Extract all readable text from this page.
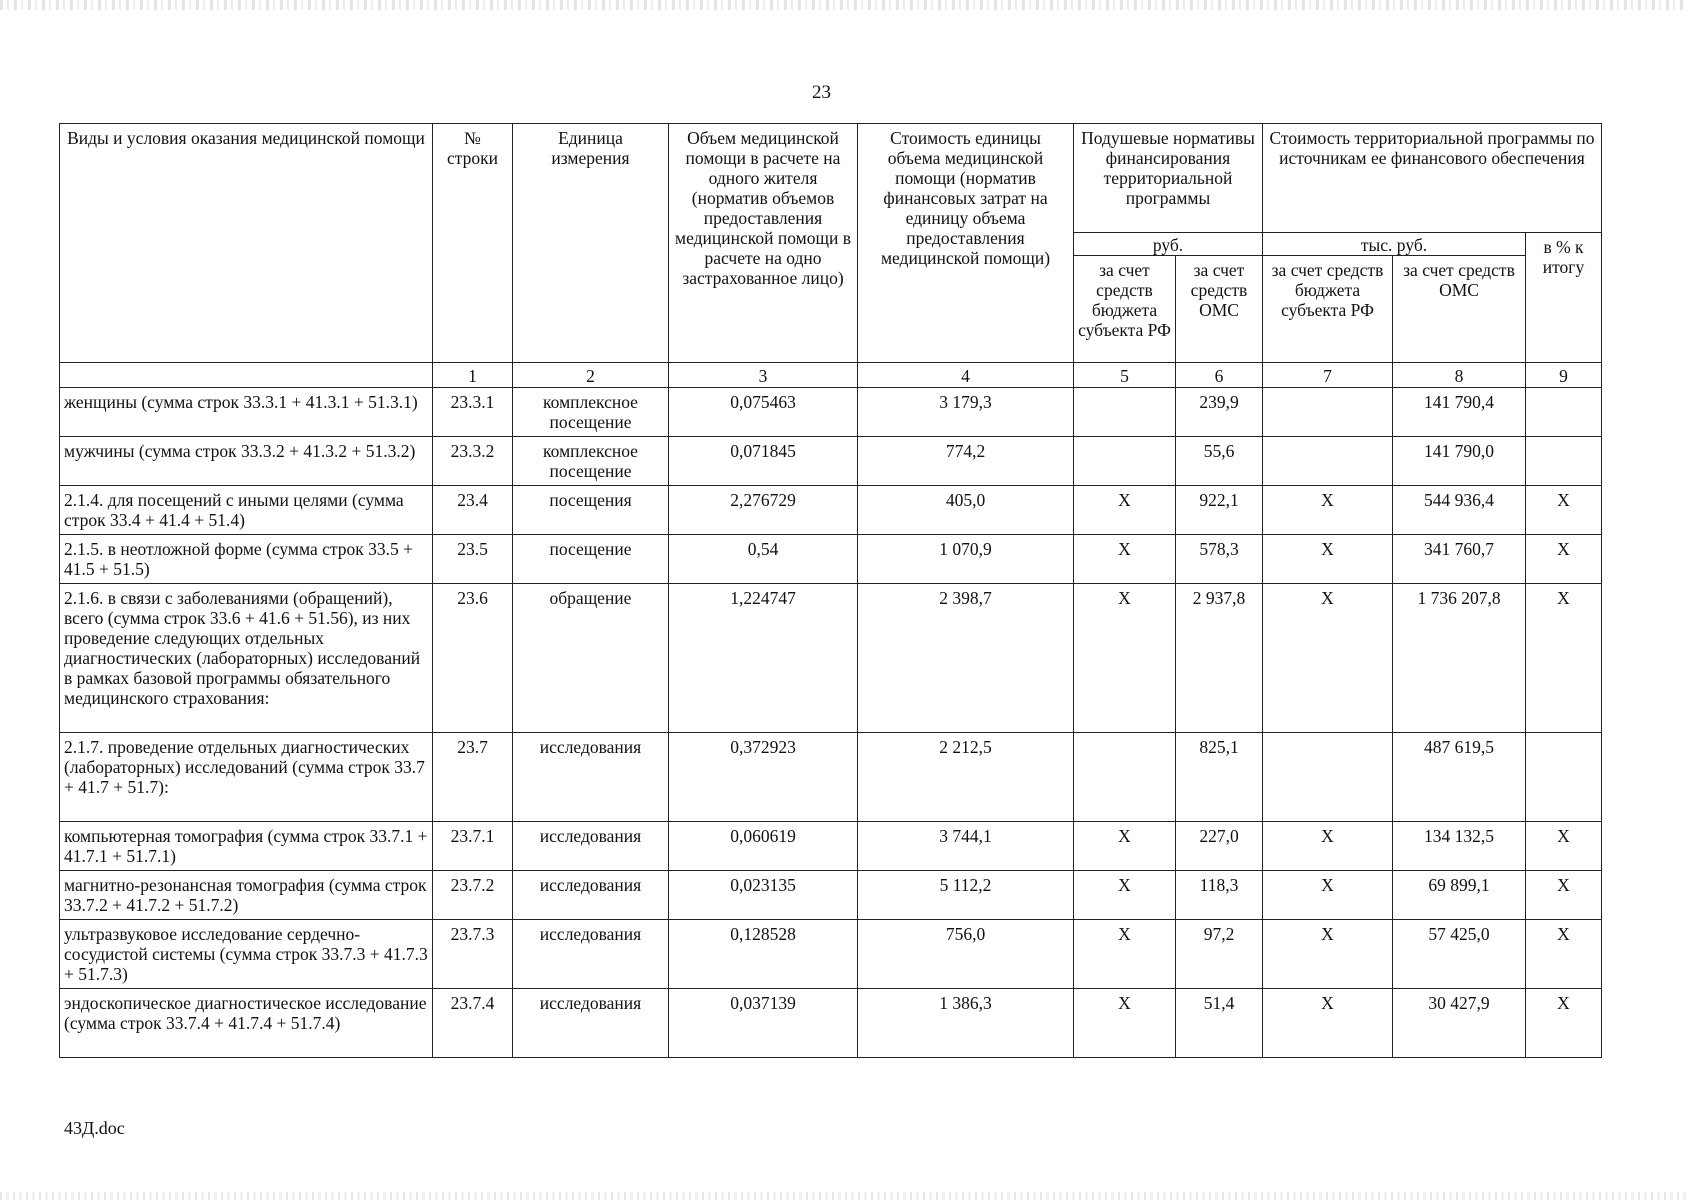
23
Виды и условия оказания медицинской помощи	№ строки	Единица измерения	Объем медицинской помощи в расчете на одного жителя (норматив объемов предоставления медицинской помощи в расчете на одно застрахованное лицо)	Стоимость единицы объема медицинской помощи (норматив финансовых затрат на единицу объема предоставления медицинской помощи)	Подушевые нормативы финансирования территориальной программы		Стоимость территориальной программы по источникам ее финансового обеспечения		
					руб.		тыс. руб.		в % к итогу
					за счет средств бюджета субъекта РФ	за счет средств ОМС	за счет средств бюджета субъекта РФ	за счет средств ОМС	
	1	2	3	4	5	6	7	8	9
женщины (сумма строк 33.3.1 + 41.3.1 + 51.3.1)	23.3.1	комплексное посещение	0,075463	3 179,3		239,9		141 790,4	
мужчины (сумма строк 33.3.2 + 41.3.2 + 51.3.2)	23.3.2	комплексное посещение	0,071845	774,2		55,6		141 790,0	
2.1.4. для посещений с иными целями (сумма строк 33.4 + 41.4 + 51.4)	23.4	посещения	2,276729	405,0	X	922,1	X	544 936,4	X
2.1.5. в неотложной форме (сумма строк 33.5 + 41.5 + 51.5)	23.5	посещение	0,54	1 070,9	X	578,3	X	341 760,7	X
2.1.6. в связи с заболеваниями (обращений), всего (сумма строк 33.6 + 41.6 + 51.56), из них проведение следующих отдельных диагностических (лабораторных) исследований в рамках базовой программы обязательного медицинского страхования:	23.6	обращение	1,224747	2 398,7	X	2 937,8	X	1 736 207,8	X
2.1.7. проведение отдельных диагностических (лабораторных) исследований (сумма строк 33.7 + 41.7 + 51.7):	23.7	исследования	0,372923	2 212,5		825,1		487 619,5	
компьютерная томография (сумма строк 33.7.1 + 41.7.1 + 51.7.1)	23.7.1	исследования	0,060619	3 744,1	X	227,0	X	134 132,5	X
магнитно-резонансная томография (сумма строк 33.7.2 + 41.7.2 + 51.7.2)	23.7.2	исследования	0,023135	5 112,2	X	118,3	X	69 899,1	X
ультразвуковое исследование сердечно-сосудистой системы (сумма строк 33.7.3 + 41.7.3 + 51.7.3)	23.7.3	исследования	0,128528	756,0	X	97,2	X	57 425,0	X
эндоскопическое диагностическое исследование (сумма строк 33.7.4 + 41.7.4 + 51.7.4)	23.7.4	исследования	0,037139	1 386,3	X	51,4	X	30 427,9	X
43Д.doc
